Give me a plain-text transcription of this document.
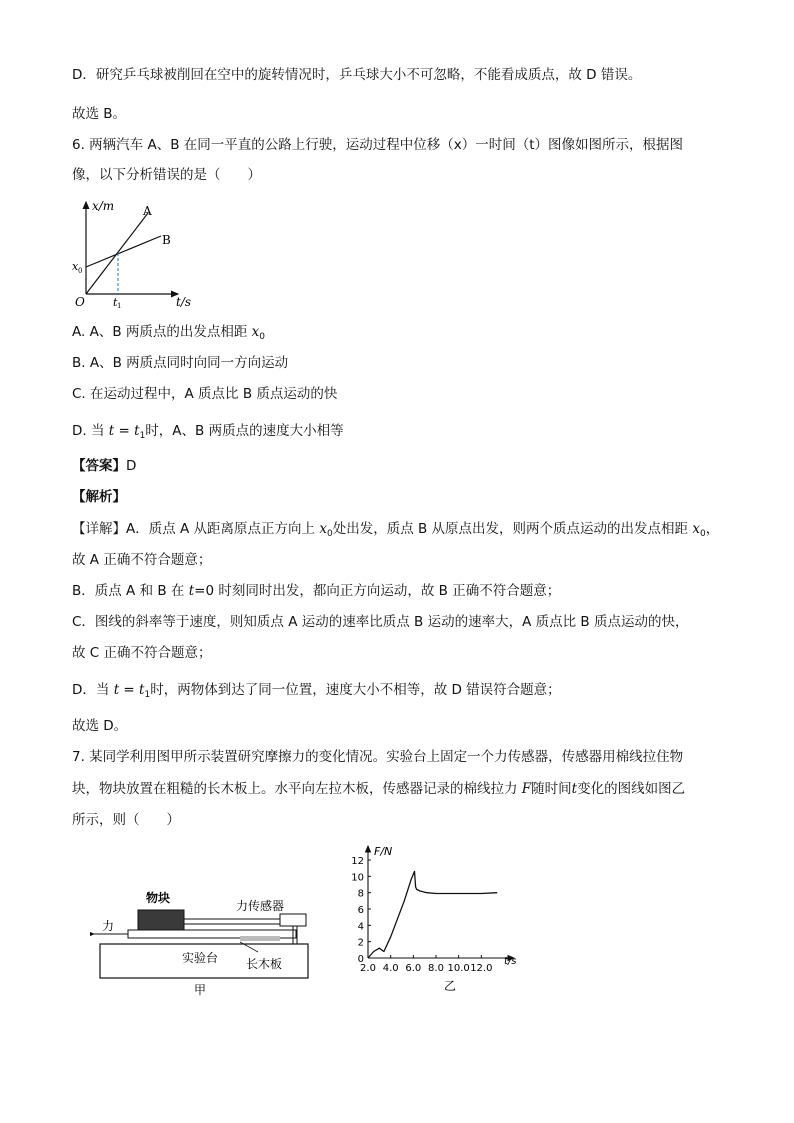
D．研究乒乓球被削回在空中的旋转情况时，乒乓球大小不可忽略，不能看成质点，故 D 错误。
故选 B。
6. 两辆汽车 A、B 在同一平直的公路上行驶，运动过程中位移（x）一时间（t）图像如图所示，根据图
像，以下分析错误的是（　　）
x/m
t/s
O
x 0
t 1
A
B
A. A、B 两质点的出发点相距 $x_0$
B. A、B 两质点同时向同一方向运动
C. 在运动过程中，A 质点比 B 质点运动的快
D. 当 $t = t_1$时，A、B 两质点的速度大小相等
【答案】D
【解析】
【详解】A．质点 A 从距离原点正方向上 $x_0$处出发，质点 B 从原点出发，则两个质点运动的出发点相距 $x_0$，
故 A 正确不符合题意；
B．质点 A 和 B 在 t=0 时刻同时出发，都向正方向运动，故 B 正确不符合题意；
C．图线的斜率等于速度，则知质点 A 运动的速率比质点 B 运动的速率大，A 质点比 B 质点运动的快，
故 C 正确不符合题意；
D．当 $t = t_1$时，两物体到达了同一位置，速度大小不相等，故 D 错误符合题意；
故选 D。
7. 某同学利用图甲所示装置研究摩擦力的变化情况。实验台上固定一个力传感器，传感器用棉线拉住物
块，物块放置在粗糙的长木板上。水平向左拉木板，传感器记录的棉线拉力 F随时间t变化的图线如图乙
所示，则（　　）
物块
力传感器
力
实验台 长木板
甲
0
2
4
6
8
10
12
2.0 4.0 6.0 8.0 10.0 12.0
F/N
t/s
乙
